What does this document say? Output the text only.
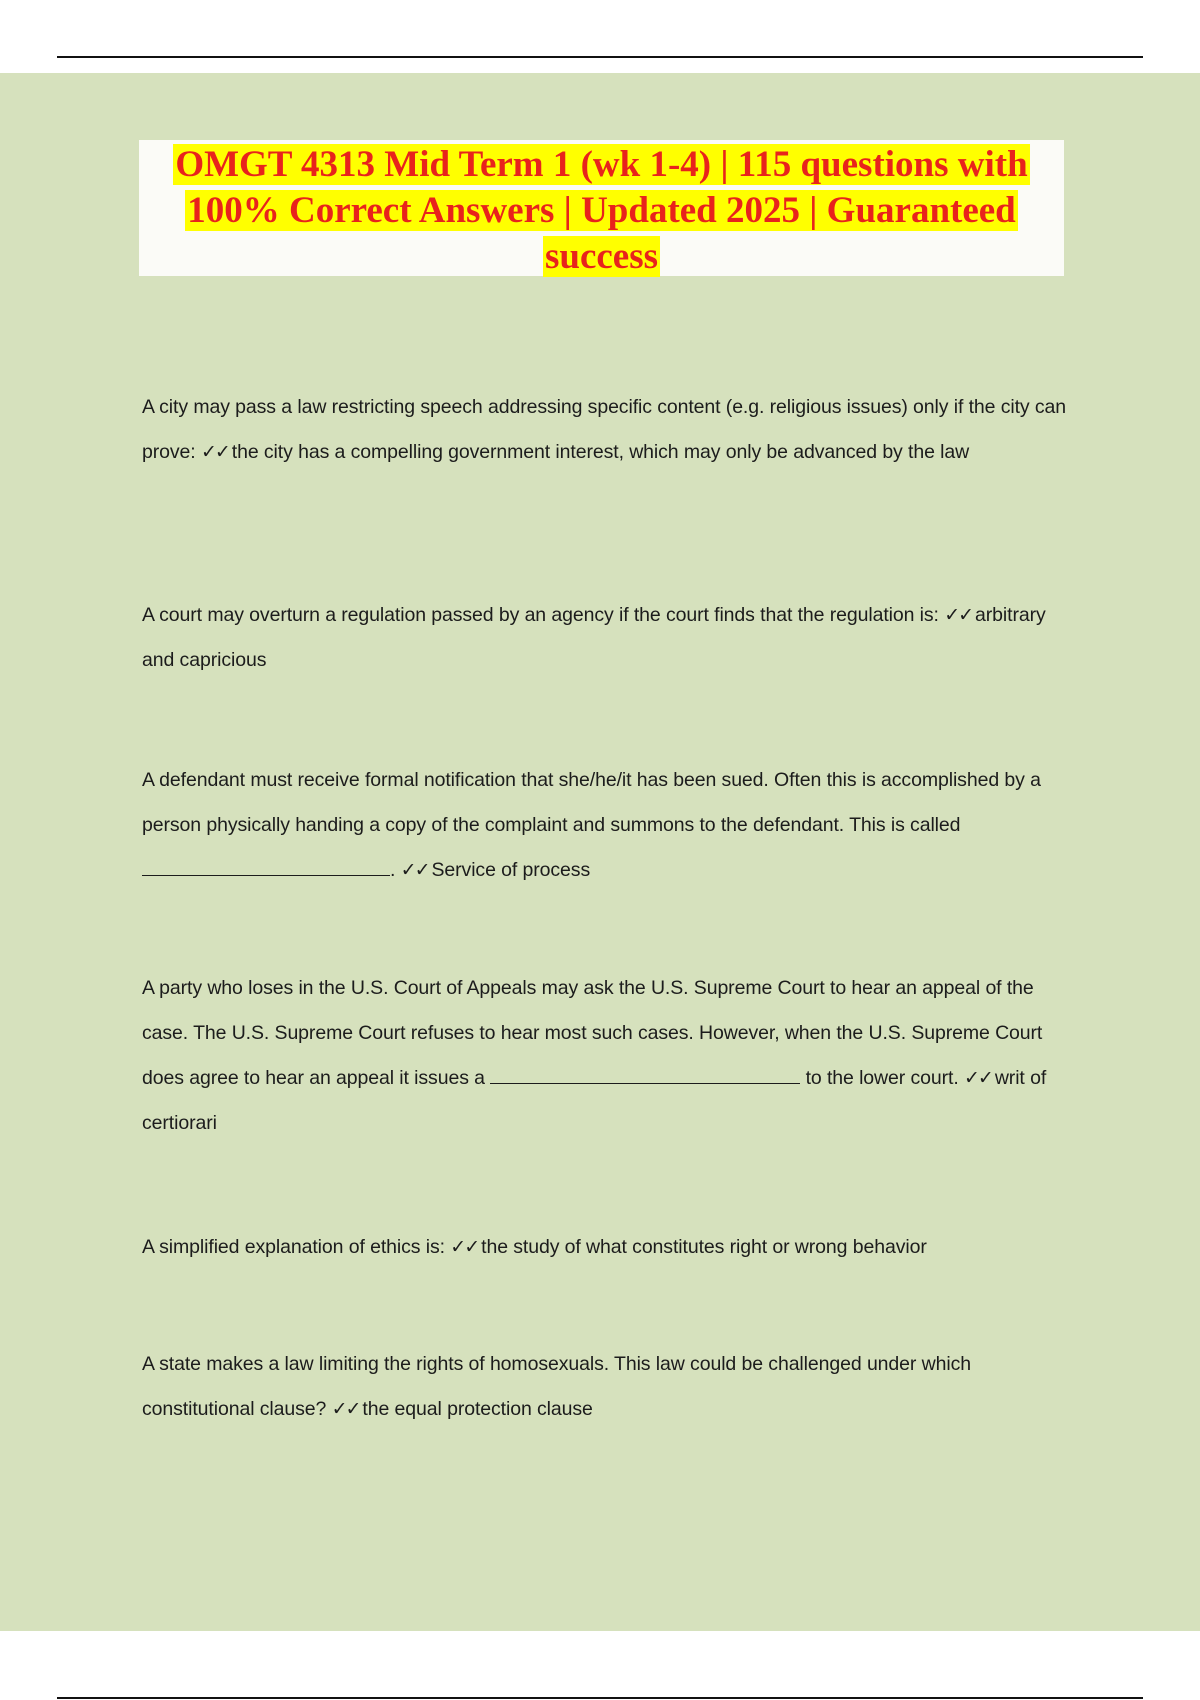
OMGT 4313 Mid Term 1 (wk 1-4) | 115 questions with 100% Correct Answers | Updated 2025 | Guaranteed success
A city may pass a law restricting speech addressing specific content (e.g. religious issues) only if the city can prove: ✓✓ the city has a compelling government interest, which may only be advanced by the law
A court may overturn a regulation passed by an agency if the court finds that the regulation is: ✓✓ arbitrary and capricious
A defendant must receive formal notification that she/he/it has been sued. Often this is accomplished by a person physically handing a copy of the complaint and summons to the defendant. This is called . ✓✓ Service of process
A party who loses in the U.S. Court of Appeals may ask the U.S. Supreme Court to hear an appeal of the case. The U.S. Supreme Court refuses to hear most such cases. However, when the U.S. Supreme Court does agree to hear an appeal it issues a	to the lower court. ✓✓ writ of certiorari
A simplified explanation of ethics is: ✓✓ the study of what constitutes right or wrong behavior
A state makes a law limiting the rights of homosexuals. This law could be challenged under which constitutional clause? ✓✓ the equal protection clause
